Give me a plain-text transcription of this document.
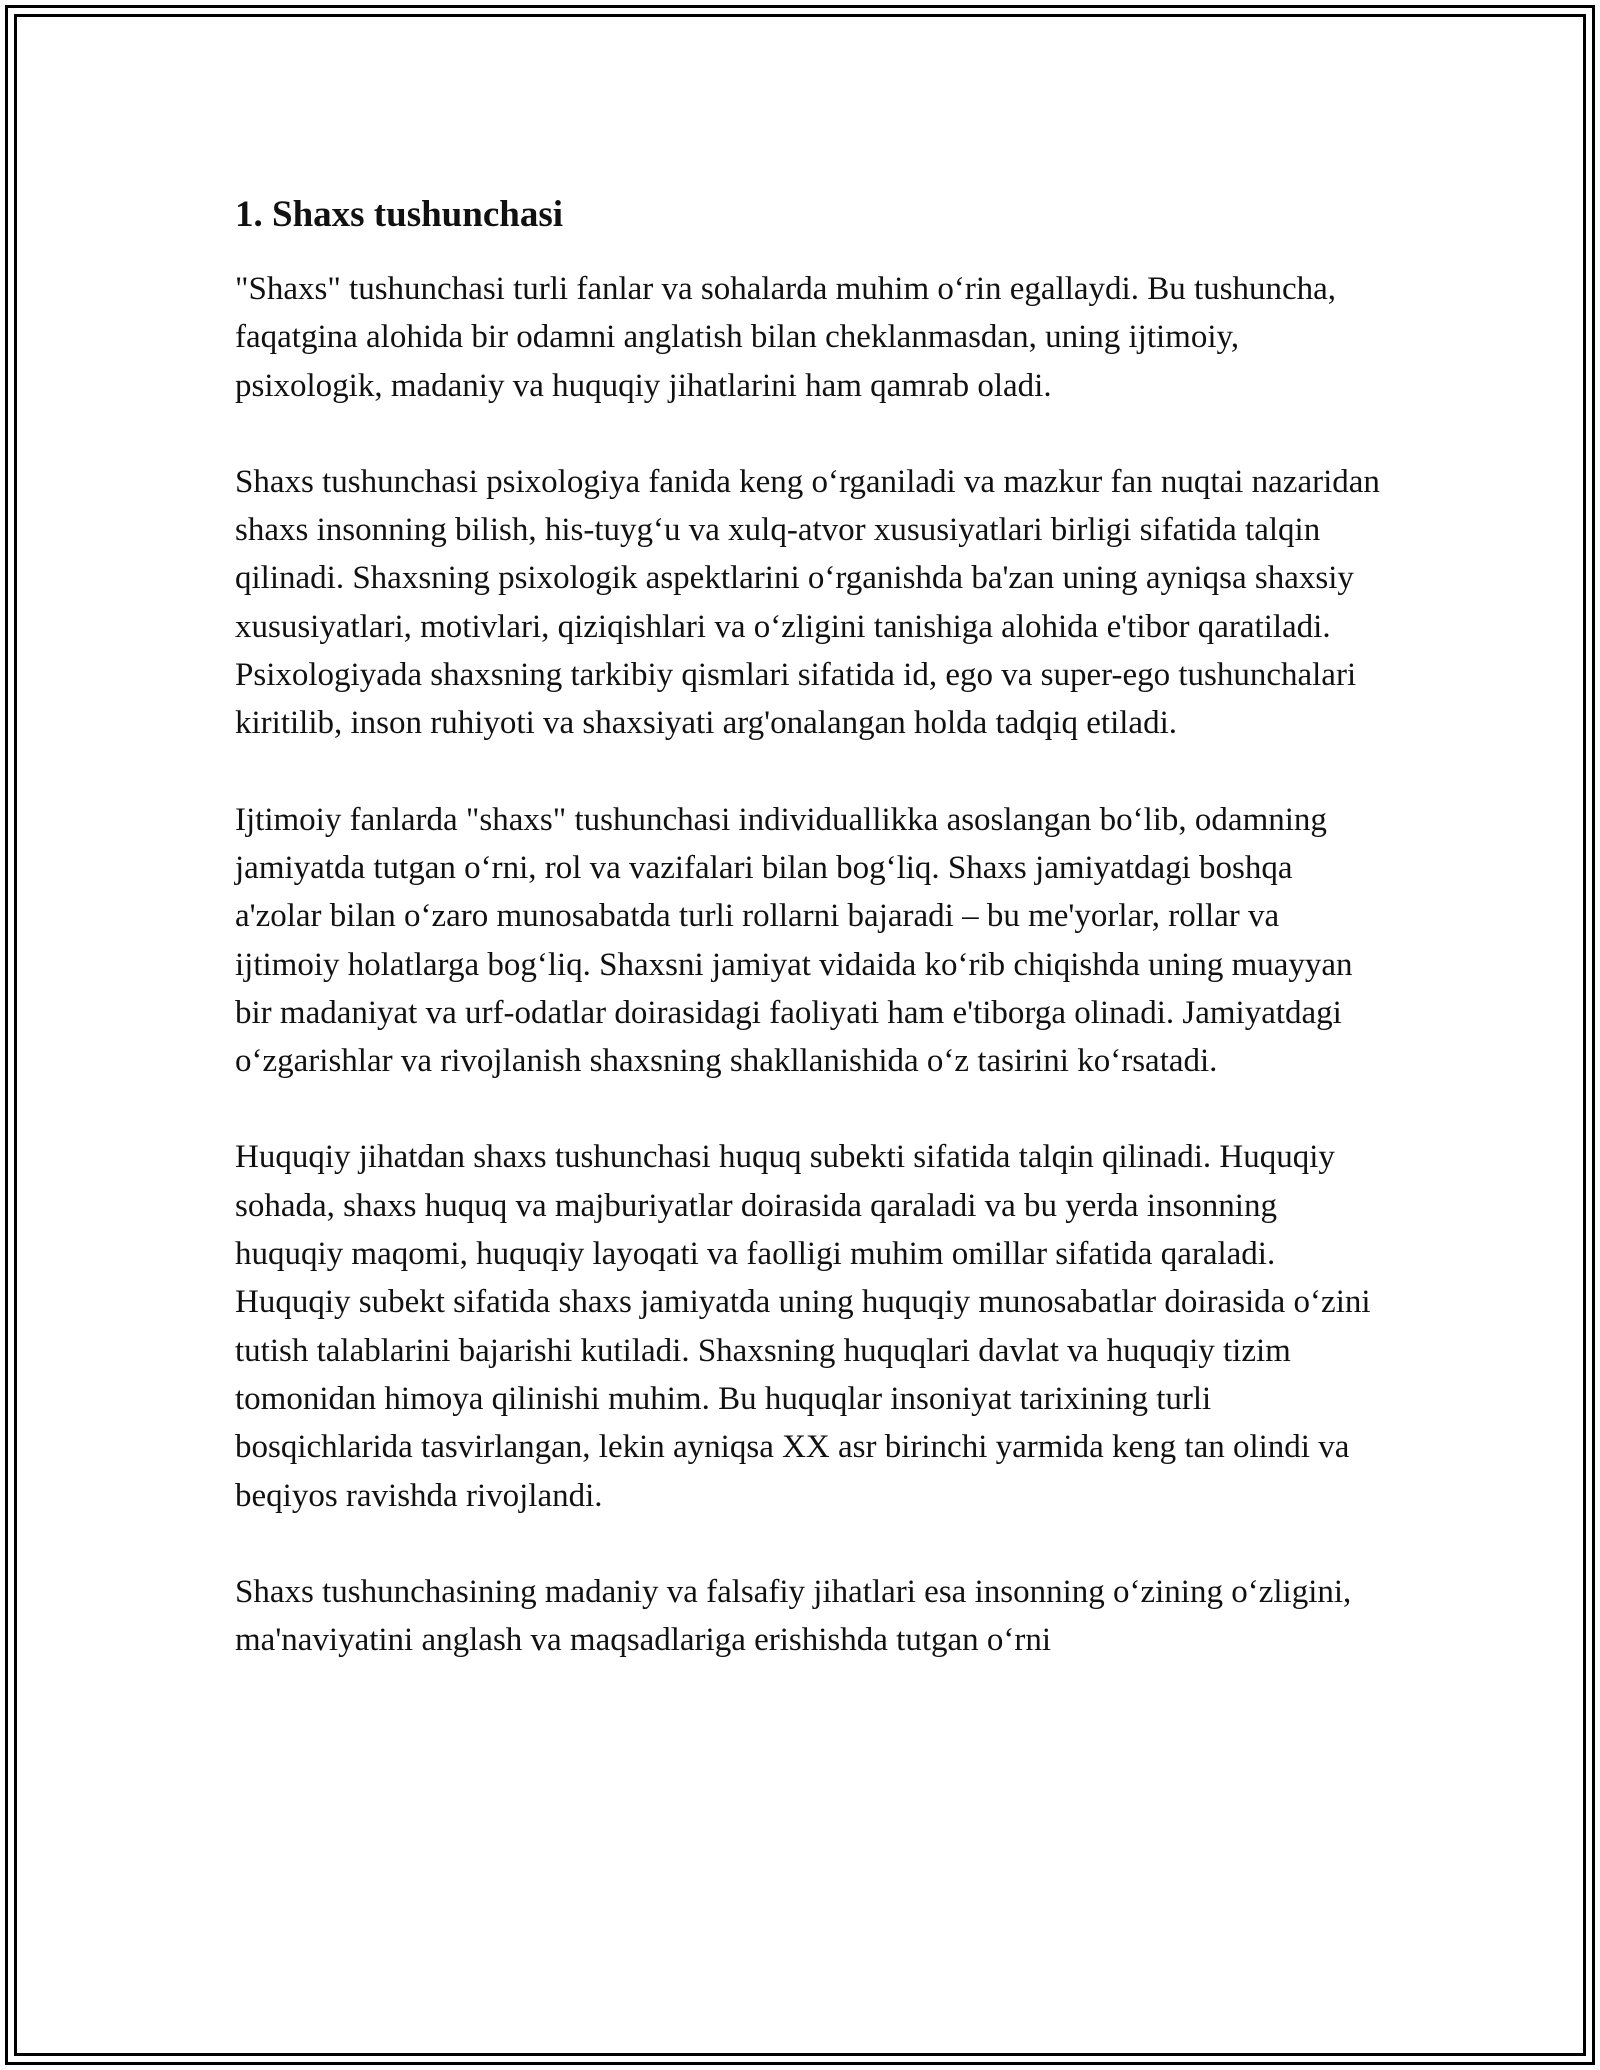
1. Shaxs tushunchasi

"Shaxs" tushunchasi turli fanlar va sohalarda muhim oʻrin egallaydi. Bu tushuncha, faqatgina alohida bir odamni anglatish bilan cheklanmasdan, uning ijtimoiy, psixologik, madaniy va huquqiy jihatlarini ham qamrab oladi.

Shaxs tushunchasi psixologiya fanida keng oʻrganiladi va mazkur fan nuqtai nazaridan shaxs insonning bilish, his-tuygʻu va xulq-atvor xususiyatlari birligi sifatida talqin qilinadi. Shaxsning psixologik aspektlarini oʻrganishda ba'zan uning ayniqsa shaxsiy xususiyatlari, motivlari, qiziqishlari va oʻzligini tanishiga alohida e'tibor qaratiladi. Psixologiyada shaxsning tarkibiy qismlari sifatida id, ego va super-ego tushunchalari kiritilib, inson ruhiyoti va shaxsiyati arg'onalangan holda tadqiq etiladi.

Ijtimoiy fanlarda "shaxs" tushunchasi individuallikka asoslangan boʻlib, odamning jamiyatda tutgan oʻrni, rol va vazifalari bilan bogʻliq. Shaxs jamiyatdagi boshqa a'zolar bilan oʻzaro munosabatda turli rollarni bajaradi – bu me'yorlar, rollar va ijtimoiy holatlarga bogʻliq. Shaxsni jamiyat vidaida koʻrib chiqishda uning muayyan bir madaniyat va urf-odatlar doirasidagi faoliyati ham e'tiborga olinadi. Jamiyatdagi oʻzgarishlar va rivojlanish shaxsning shakllanishida oʻz tasirini koʻrsatadi.

Huquqiy jihatdan shaxs tushunchasi huquq subekti sifatida talqin qilinadi. Huquqiy sohada, shaxs huquq va majburiyatlar doirasida qaraladi va bu yerda insonning huquqiy maqomi, huquqiy layoqati va faolligi muhim omillar sifatida qaraladi. Huquqiy subekt sifatida shaxs jamiyatda uning huquqiy munosabatlar doirasida oʻzini tutish talablarini bajarishi kutiladi. Shaxsning huquqlari davlat va huquqiy tizim tomonidan himoya qilinishi muhim. Bu huquqlar insoniyat tarixining turli bosqichlarida tasvirlangan, lekin ayniqsa XX asr birinchi yarmida keng tan olindi va beqiyos ravishda rivojlandi.

Shaxs tushunchasining madaniy va falsafiy jihatlari esa insonning oʻzining oʻzligini, ma'naviyatini anglash va maqsadlariga erishishda tutgan oʻrni
